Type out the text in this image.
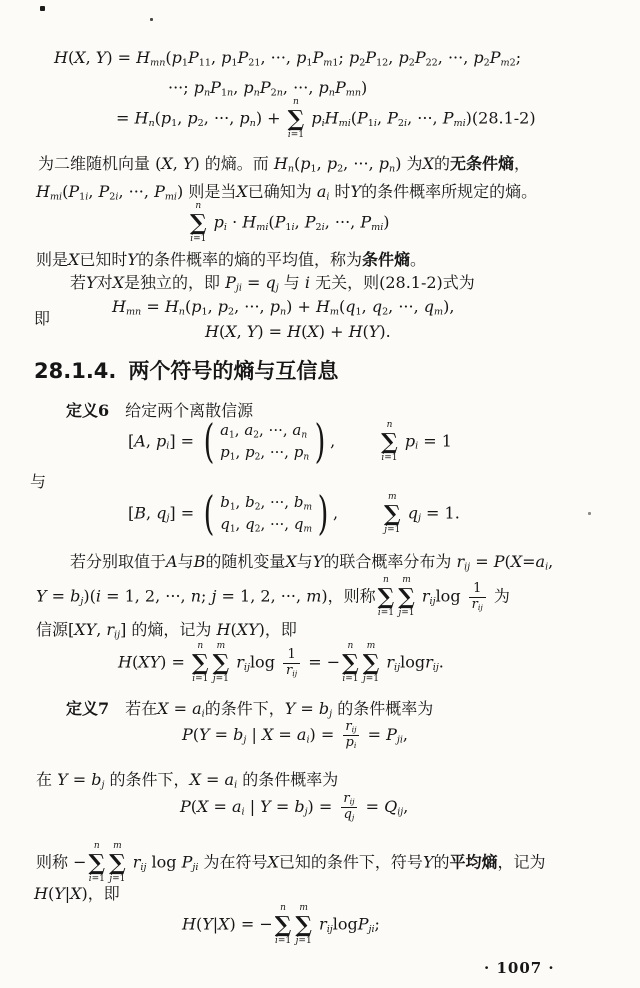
H(X, $Y) = H_{mn}(p_1P_{11}$, $p_1P_{21}$, ···, $p_1P_{m1}$; $p_2P_{12}$, $p_2P_{22}$, ···, $p_2P_{m2}$;
···; $p_nP_{1n}$, $p_nP_{2n}$, ···, $p_nP_{mn}$)
= $H_n(p_1$, $p_2$, ···, $p_n$) +
n
∑
i=1
$p_iH_{mi}(P_{1i}$, $P_{2i}$, ···, $P_{mi})(28.1-2)$
为二维随机向量 (X, Y) 的熵。而 $H_n(p_1$, $p_2$, ···, $p_n$) 为X的无条件熵，
$H_{mi}(P_{1i}$, $P_{2i}$, ···, $P_{mi}$) 则是当X已确知为 $a_i$ 时Y的条件概率所规定的熵。
n
∑
i=1
$p_i \cdot H_{mi}(P_{1i}$, $P_{2i}$, ···, $P_{mi}$)
则是X已知时Y的条件概率的熵的平均值，称为条件熵。
若Y对X是独立的，即 $P_{ji} = q_j$ 与 i 无关，则(28.1-2)式为
$H_{mn} = H_n(p_1$, $p_2$, ···, $p_n) + H_m(q_1$, $q_2$, ···, $q_m$),
即
H(X, Y) = H(X) + H(Y).
28.1.4. 两个符号的熵与互信息
定义6　给定两个离散信源
[A, $p_i$] = ( $a_1$, $a_2$, ···, $a_n$
$p_1$, $p_2$, ···, $p_n$ ) ,
n
∑
i=1
$p_i = 1$
与
[B, $q_j$] = ( $b_1$, $b_2$, ···, $b_m$
$q_1$, $q_2$, ···, $q_m$ ) ,
m
∑
j=1
$q_j = 1$.
若分别取值于A与B的随机变量X与Y的联合概率分布为 $r_{ij} = P(X=a_i$,
$Y = b_j)(i = 1$, 2, ···, n; j = 1, 2, ···, m)，则称
n
∑
i=1
m
∑
j=1
$r_{ij}\log \frac{1}{r_{ij}}$ 为
信源[XY, $r_{ij}$] 的熵，记为 H(XY)，即
H(XY) =
n
∑
i=1
m
∑
j=1
$r_{ij}\log \frac{1}{r_{ij}}$ = −
n
∑
i=1
m
∑
j=1
$r_{ij}\log r_{ij}$.
定义7　若在$X = a_i$的条件下，$Y = b_j$ 的条件概率为
$P(Y = b_j$ | $X = a_i) = \frac{r_{ij}}{p_i} = P_{ji}$,
在 $Y = b_j$ 的条件下，$X = a_i$ 的条件概率为
$P(X = a_i$ | $Y = b_j) = \frac{r_{ij}}{q_j} = Q_{ij}$,
则称 −
n
∑
i=1
m
∑
j=1
$r_{ij}$ $\log P_{ji}$ 为在符号X已知的条件下，符号Y的平均熵，记为
H(Y|X)，即
H(Y|X) = −
n
∑
i=1
m
∑
j=1
$r_{ij}\log P_{ji}$;
· 1007 ·
